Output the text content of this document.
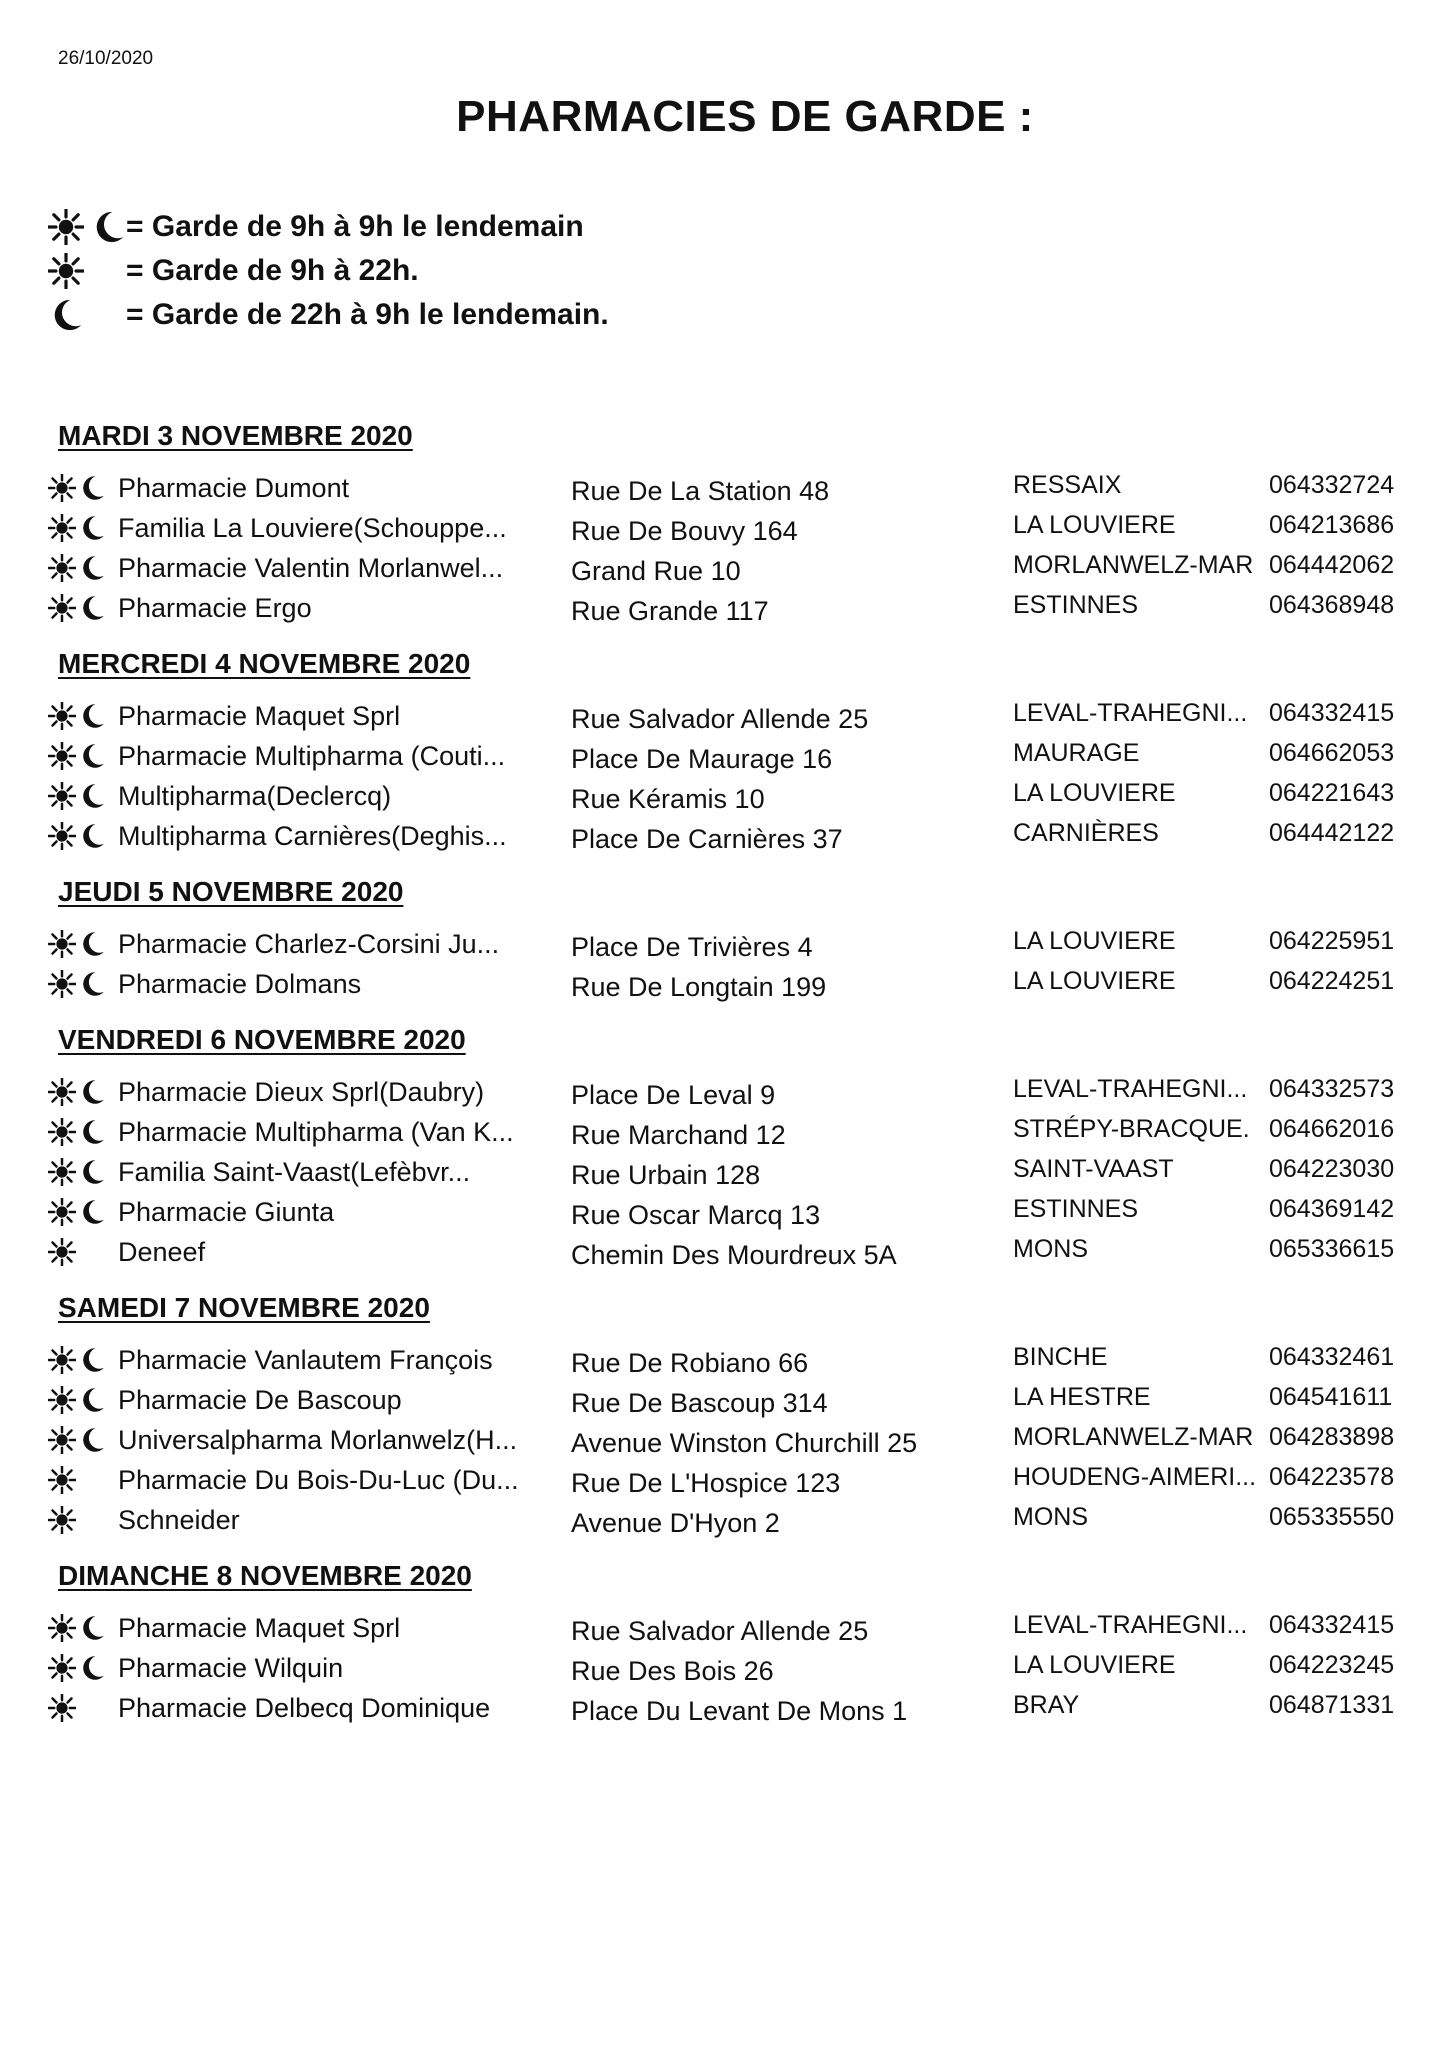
26/10/2020
PHARMACIES DE GARDE :
= Garde de 9h à 9h le lendemain
= Garde de 9h à 22h.
= Garde de 22h à 9h le lendemain.
MARDI 3 NOVEMBRE 2020
Pharmacie Dumont	Rue De La Station 48	RESSAIX	064332724
Familia La Louviere(Schouppe... Rue De Bouvy 164	LA LOUVIERE	064213686
Pharmacie Valentin Morlanwel...	Grand Rue 10	MORLANWELZ-MAR 064442062
Pharmacie Ergo	Rue Grande 117	ESTINNES	064368948
MERCREDI 4 NOVEMBRE 2020
Pharmacie Maquet Sprl	Rue Salvador Allende 25	LEVAL-TRAHEGNI... 064332415
Pharmacie Multipharma (Couti... Place De Maurage 16	MAURAGE	064662053
Multipharma(Declercq)	Rue Kéramis 10	LA LOUVIERE	064221643
Multipharma Carnières(Deghis... Place De Carnières 37	CARNIÈRES	064442122
JEUDI 5 NOVEMBRE 2020
Pharmacie Charlez-Corsini Ju...	Place De Trivières 4	LA LOUVIERE	064225951
Pharmacie Dolmans	Rue De Longtain 199	LA LOUVIERE	064224251
VENDREDI 6 NOVEMBRE 2020
Pharmacie Dieux Sprl(Daubry)	Place De Leval 9	LEVAL-TRAHEGNI... 064332573
Pharmacie Multipharma (Van K... Rue Marchand 12	STRÉPY-BRACQUE. 064662016
Familia Saint-Vaast(Lefèbvr...	Rue Urbain 128	SAINT-VAAST	064223030
Pharmacie Giunta	Rue Oscar Marcq 13	ESTINNES	064369142
Deneef	Chemin Des Mourdreux 5A	MONS	065336615
SAMEDI 7 NOVEMBRE 2020
Pharmacie Vanlautem François	Rue De Robiano 66	BINCHE	064332461
Pharmacie De Bascoup	Rue De Bascoup 314	LA HESTRE	064541611
Universalpharma Morlanwelz(H... Avenue Winston Churchill 25	MORLANWELZ-MAR 064283898
Pharmacie Du Bois-Du-Luc (Du... Rue De L'Hospice 123	HOUDENG-AIMERI... 064223578
Schneider	Avenue D'Hyon 2	MONS	065335550
DIMANCHE 8 NOVEMBRE 2020
Pharmacie Maquet Sprl	Rue Salvador Allende 25	LEVAL-TRAHEGNI... 064332415
Pharmacie Wilquin	Rue Des Bois 26	LA LOUVIERE	064223245
Pharmacie Delbecq Dominique	Place Du Levant De Mons 1	BRAY	064871331
